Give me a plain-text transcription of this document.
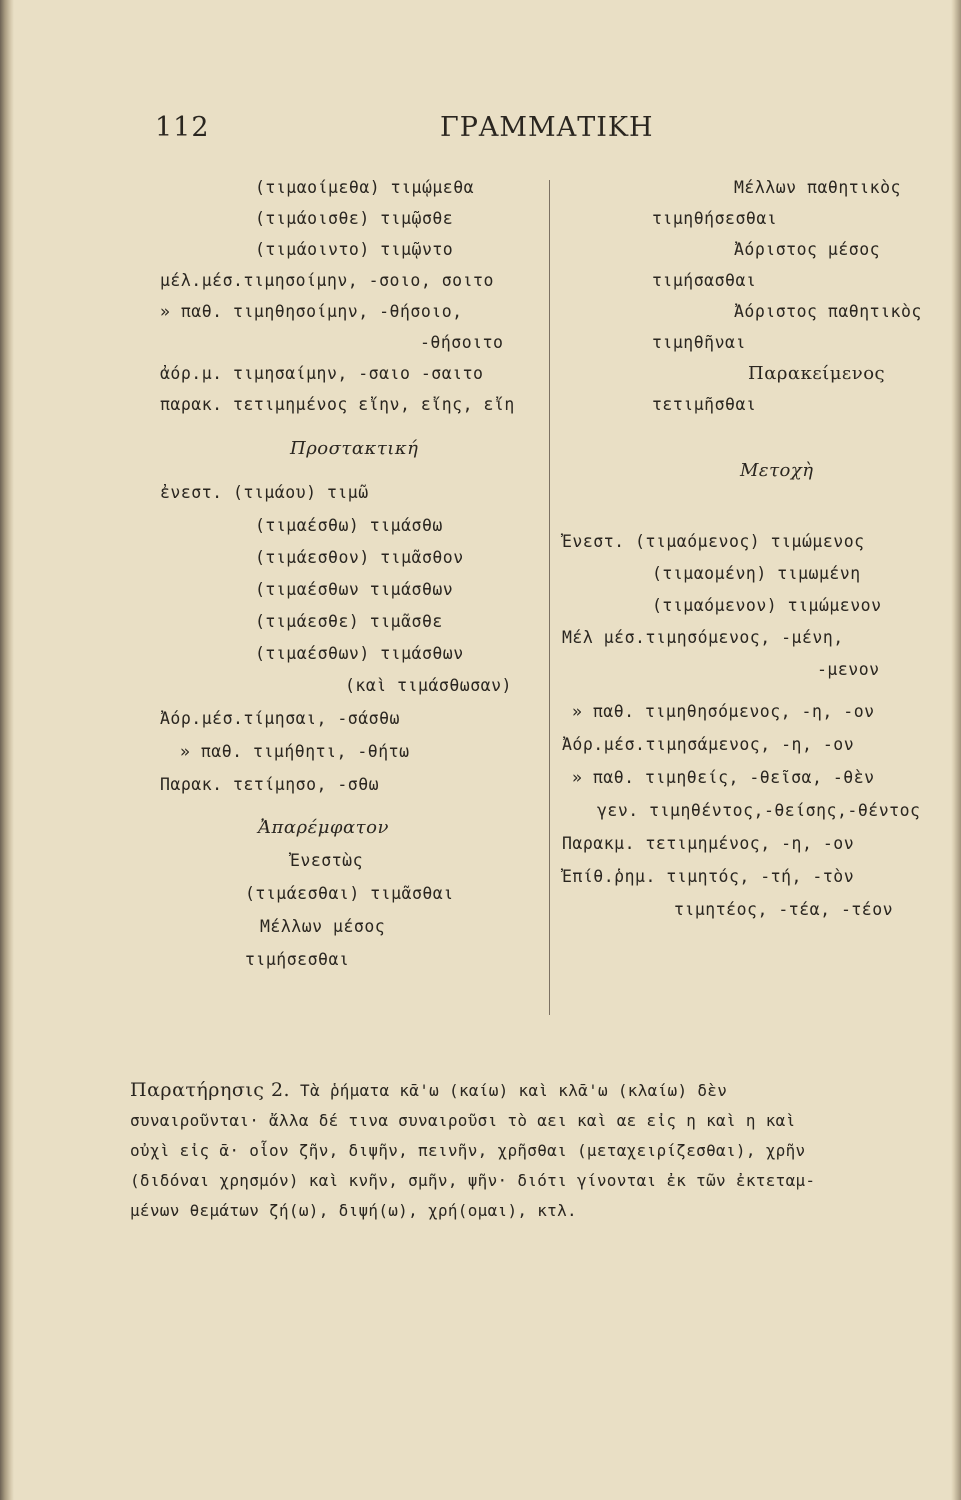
112	ΓΡΑΜΜΑΤΙΚΗ
(τιμαοίμεθα) τιμῴμεθα
(τιμάοισθε) τιμῷσθε
(τιμάοιντο) τιμῷντο
μέλ.μέσ.τιμησοίμην, -σοιο, σοιτο
» παθ. τιμηθησοίμην, -θήσοιο,
-θήσοιτο
ἀόρ.μ. τιμησαίμην, -σαιο -σαιτο
παρακ. τετιμημένος εἴην, εἴης, εἴη
Προστακτική
ἐνεστ. (τιμάου) τιμῶ
(τιμαέσθω) τιμάσθω
(τιμάεσθον) τιμᾶσθον
(τιμαέσθων τιμάσθων
(τιμάεσθε) τιμᾶσθε
(τιμαέσθων) τιμάσθων
(καὶ τιμάσθωσαν)
Ἀόρ.μέσ.τίμησαι, -σάσθω
» παθ. τιμήθητι, -θήτω
Παρακ. τετίμησο, -σθω
Ἀπαρέμφατον
Ἐνεστὼς
(τιμάεσθαι) τιμᾶσθαι
Μέλλων μέσος
τιμήσεσθαι
Μέλλων παθητικὸς
τιμηθήσεσθαι
Ἀόριστος μέσος
τιμήσασθαι
Ἀόριστος παθητικὸς
τιμηθῆναι
Παρακείμενος
τετιμῆσθαι
Μετοχὴ
Ἐνεστ. (τιμαόμενος) τιμώμενος
(τιμαομένη) τιμωμένη
(τιμαόμενον) τιμώμενον
Μέλ μέσ.τιμησόμενος, -μένη,
-μενον
» παθ. τιμηθησόμενος, -η, -ον
Ἀόρ.μέσ.τιμησάμενος, -η, -ον
» παθ. τιμηθείς, -θεῖσα, -θὲν
γεν. τιμηθέντος,-θείσης,-θέντος
Παρακμ. τετιμημένος, -η, -ον
Ἐπίθ.ῥημ. τιμητός, -τή, -τὸν
τιμητέος, -τέα, -τέον
Παρατήρησις 2. Τὰ ῥήματα κᾱ'ω (καίω) καὶ κλᾱ'ω (κλαίω) δὲν
συναιροῦνται· ἄλλα δέ τινα συναιροῦσι τὸ αει καὶ αε εἰς η καὶ η καὶ
οὐχὶ εἰς ᾱ· οἷον ζῆν, διψῆν, πεινῆν, χρῆσθαι (μεταχειρίζεσθαι), χρῆν
(διδόναι χρησμόν) καὶ κνῆν, σμῆν, ψῆν· διότι γίνονται ἐκ τῶν ἐκτεταμ-
μένων θεμάτων ζή(ω), διψή(ω), χρή(ομαι), κτλ.
